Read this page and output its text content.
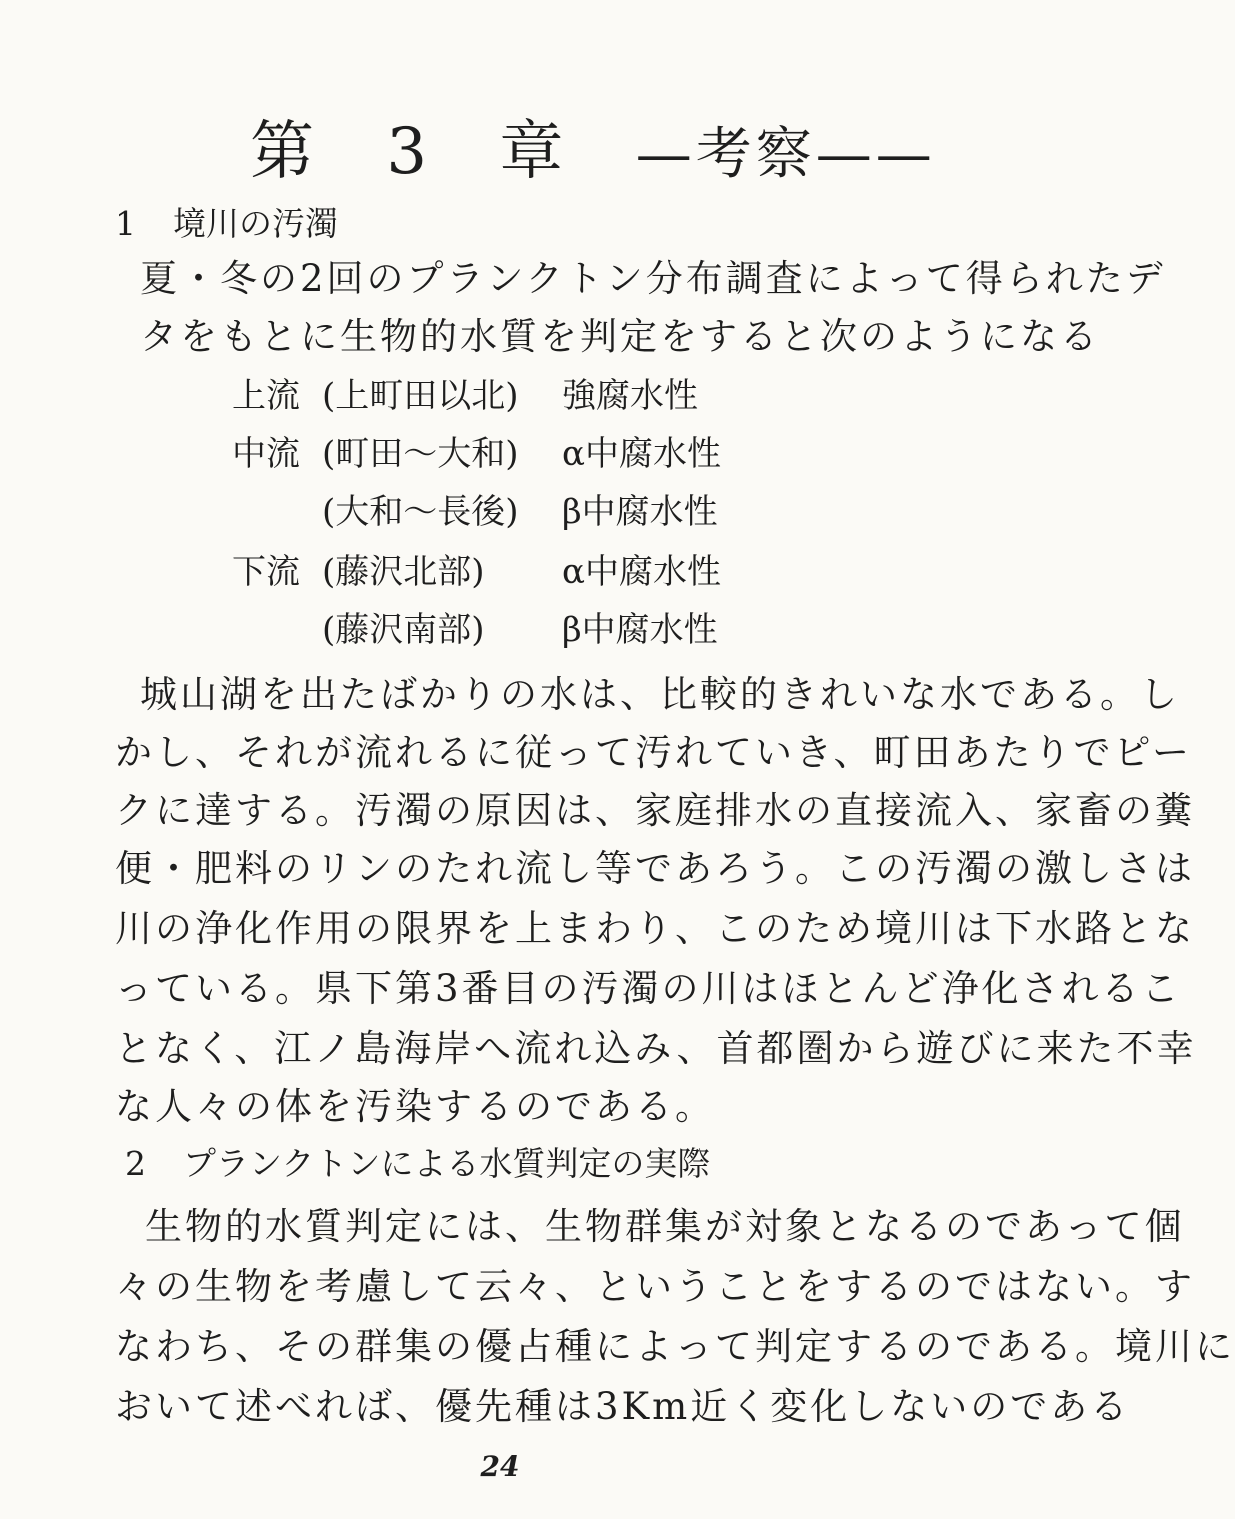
第 3 章 —考察——
1 境川の汚濁
夏・冬の2回のプランクトン分布調査によって得られたデ
タをもとに生物的水質を判定をすると次のようになる
上流 (上町田以北)	強腐水性
中流 (町田〜大和)	α中腐水性
(大和〜長後)	β中腐水性
下流 (藤沢北部)	α中腐水性
(藤沢南部)	β中腐水性
城山湖を出たばかりの水は、比較的きれいな水である。し
かし、それが流れるに従って汚れていき、町田あたりでピー
クに達する。汚濁の原因は、家庭排水の直接流入、家畜の糞
便・肥料のリンのたれ流し等であろう。この汚濁の激しさは
川の浄化作用の限界を上まわり、このため境川は下水路とな
っている。県下第3番目の汚濁の川はほとんど浄化されるこ
となく、江ノ島海岸へ流れ込み、首都圏から遊びに来た不幸
な人々の体を汚染するのである。
2 プランクトンによる水質判定の実際
生物的水質判定には、生物群集が対象となるのであって個
々の生物を考慮して云々、ということをするのではない。す
なわち、その群集の優占種によって判定するのである。境川に
おいて述べれば、優先種は3Km近く変化しないのである
24
